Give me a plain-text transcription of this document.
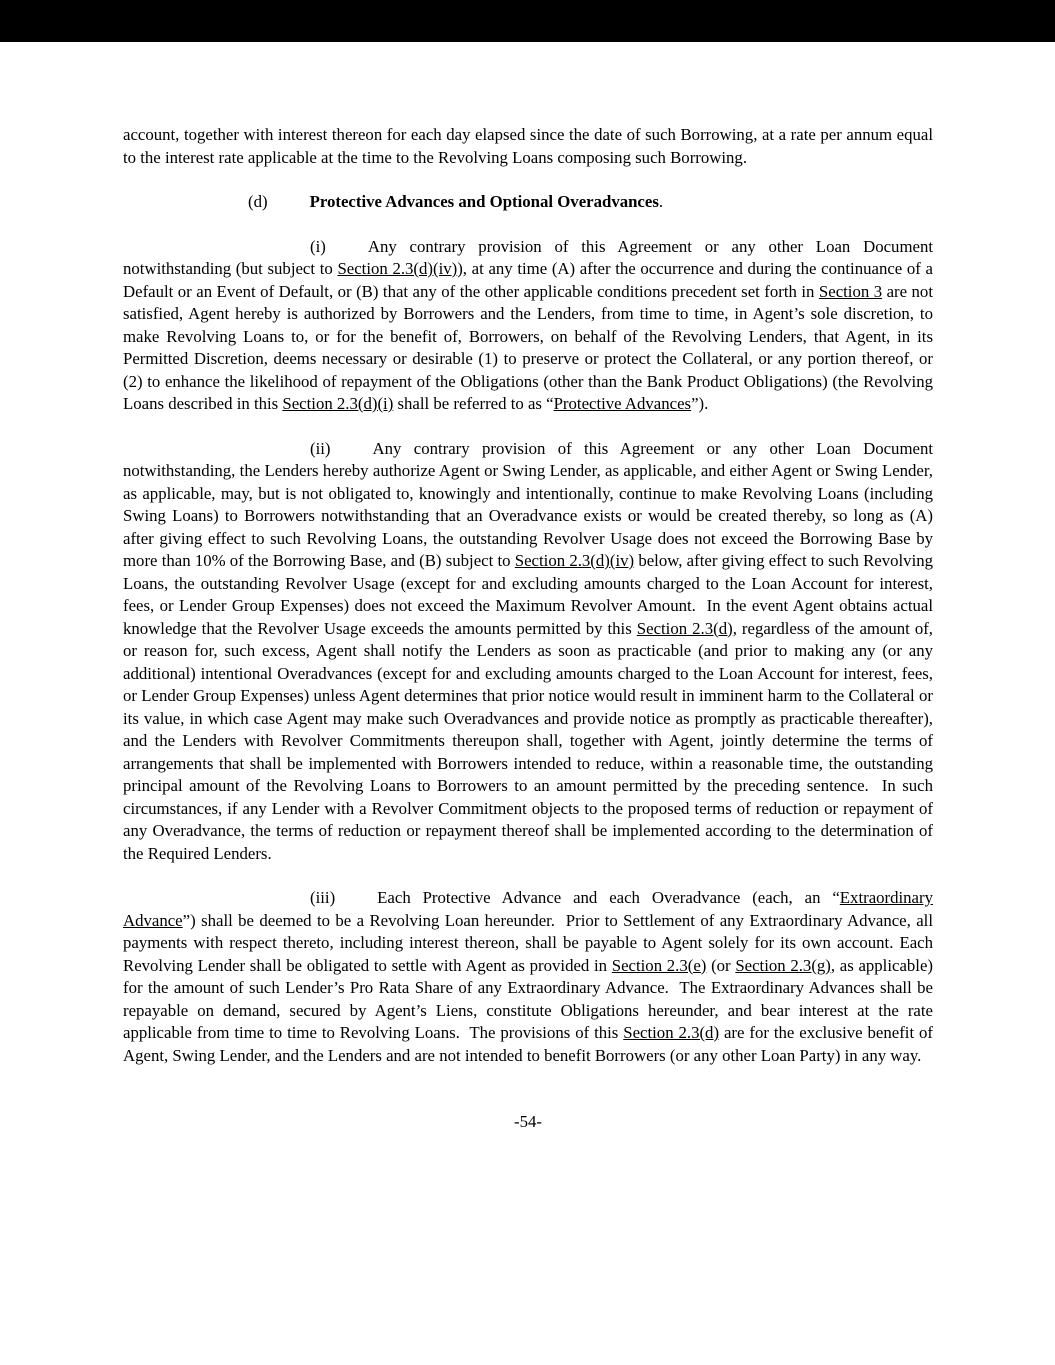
account, together with interest thereon for each day elapsed since the date of such Borrowing, at a rate per annum equal to the interest rate applicable at the time to the Revolving Loans composing such Borrowing.

(d)	Protective Advances and Optional Overadvances.

(i)	Any contrary provision of this Agreement or any other Loan Document notwithstanding (but subject to Section 2.3(d)(iv)), at any time (A) after the occurrence and during the continuance of a Default or an Event of Default, or (B) that any of the other applicable conditions precedent set forth in Section 3 are not satisfied, Agent hereby is authorized by Borrowers and the Lenders, from time to time, in Agent’s sole discretion, to make Revolving Loans to, or for the benefit of, Borrowers, on behalf of the Revolving Lenders, that Agent, in its Permitted Discretion, deems necessary or desirable (1) to preserve or protect the Collateral, or any portion thereof, or (2) to enhance the likelihood of repayment of the Obligations (other than the Bank Product Obligations) (the Revolving Loans described in this Section 2.3(d)(i) shall be referred to as “Protective Advances”).

(ii)	Any contrary provision of this Agreement or any other Loan Document notwithstanding, the Lenders hereby authorize Agent or Swing Lender, as applicable, and either Agent or Swing Lender, as applicable, may, but is not obligated to, knowingly and intentionally, continue to make Revolving Loans (including Swing Loans) to Borrowers notwithstanding that an Overadvance exists or would be created thereby, so long as (A) after giving effect to such Revolving Loans, the outstanding Revolver Usage does not exceed the Borrowing Base by more than 10% of the Borrowing Base, and (B) subject to Section 2.3(d)(iv) below, after giving effect to such Revolving Loans, the outstanding Revolver Usage (except for and excluding amounts charged to the Loan Account for interest, fees, or Lender Group Expenses) does not exceed the Maximum Revolver Amount.  In the event Agent obtains actual knowledge that the Revolver Usage exceeds the amounts permitted by this Section 2.3(d), regardless of the amount of, or reason for, such excess, Agent shall notify the Lenders as soon as practicable (and prior to making any (or any additional) intentional Overadvances (except for and excluding amounts charged to the Loan Account for interest, fees, or Lender Group Expenses) unless Agent determines that prior notice would result in imminent harm to the Collateral or its value, in which case Agent may make such Overadvances and provide notice as promptly as practicable thereafter), and the Lenders with Revolver Commitments thereupon shall, together with Agent, jointly determine the terms of arrangements that shall be implemented with Borrowers intended to reduce, within a reasonable time, the outstanding principal amount of the Revolving Loans to Borrowers to an amount permitted by the preceding sentence.  In such circumstances, if any Lender with a Revolver Commitment objects to the proposed terms of reduction or repayment of any Overadvance, the terms of reduction or repayment thereof shall be implemented according to the determination of the Required Lenders.

(iii)	Each Protective Advance and each Overadvance (each, an “Extraordinary Advance”) shall be deemed to be a Revolving Loan hereunder.  Prior to Settlement of any Extraordinary Advance, all payments with respect thereto, including interest thereon, shall be payable to Agent solely for its own account. Each Revolving Lender shall be obligated to settle with Agent as provided in Section 2.3(e) (or Section 2.3(g), as applicable) for the amount of such Lender’s Pro Rata Share of any Extraordinary Advance.  The Extraordinary Advances shall be repayable on demand, secured by Agent’s Liens, constitute Obligations hereunder, and bear interest at the rate applicable from time to time to Revolving Loans.  The provisions of this Section 2.3(d) are for the exclusive benefit of Agent, Swing Lender, and the Lenders and are not intended to benefit Borrowers (or any other Loan Party) in any way.

-54-
